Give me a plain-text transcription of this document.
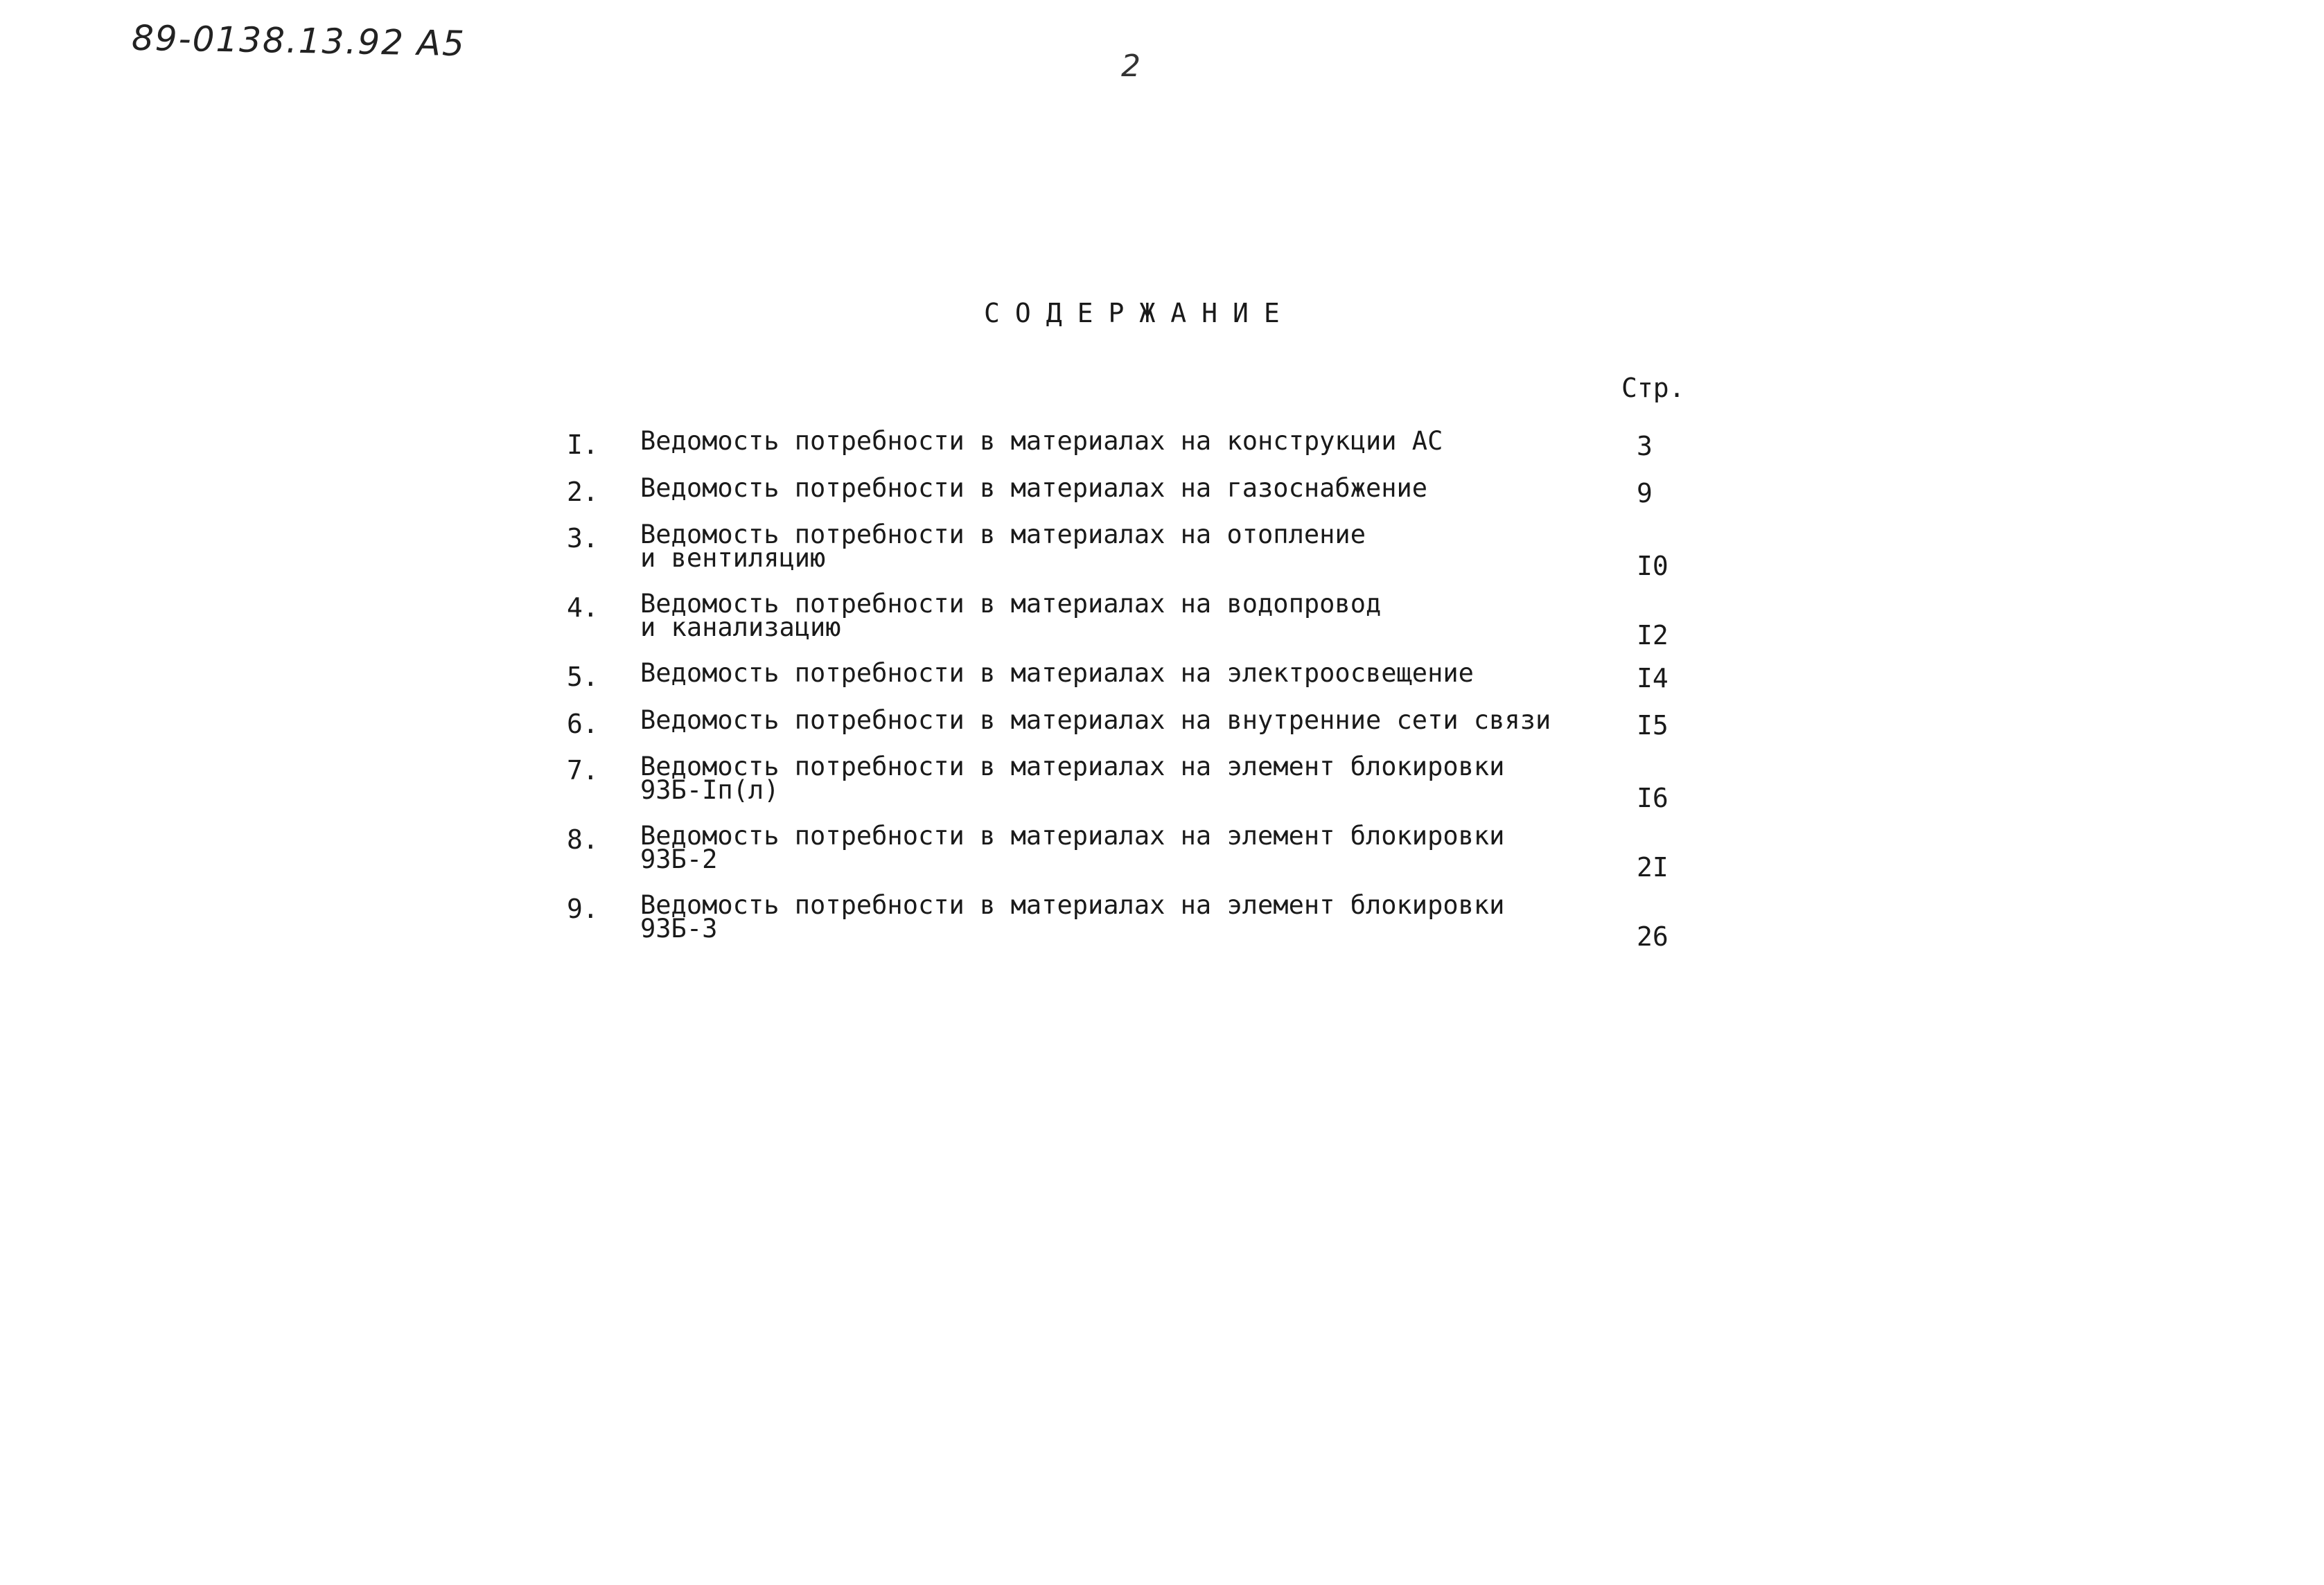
89-0138.13.92 A5
2
СОДЕРЖАНИЕ
Стр.
I. Ведомость потребности в материалах на конструкции АС	3
2. Ведомость потребности в материалах на газоснабжение	9
3. Ведомость потребности в материалах на отопление
и вентиляцию	I0
4. Ведомость потребности в материалах на водопровод
и канализацию	I2
5. Ведомость потребности в материалах на электроосвещение	I4
6. Ведомость потребности в материалах на внутренние сети связи	I5
7. Ведомость потребности в материалах на элемент блокировки
93Б-Iп(л)	I6
8. Ведомость потребности в материалах на элемент блокировки
93Б-2	2I
9. Ведомость потребности в материалах на элемент блокировки
93Б-3	26
